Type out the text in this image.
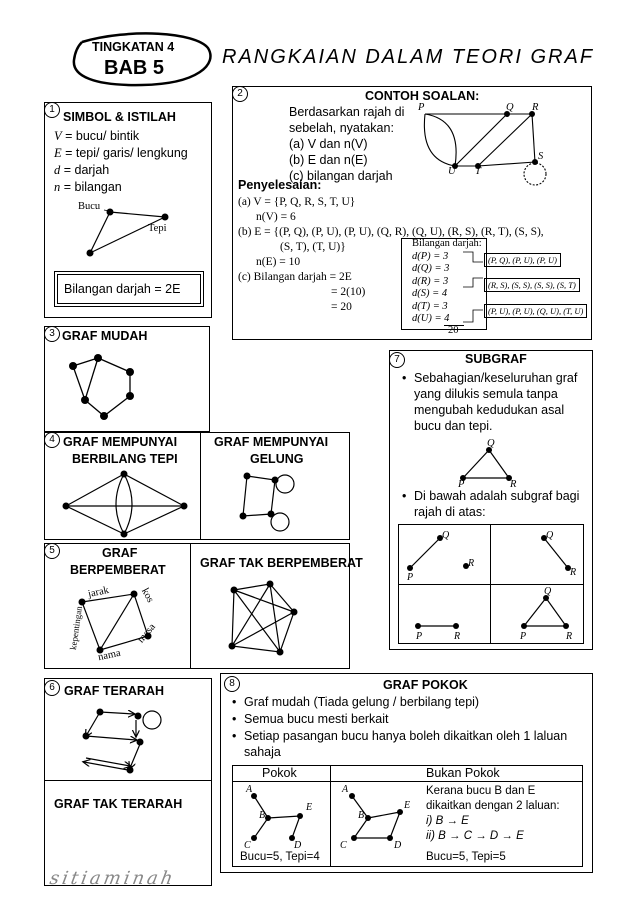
TINGKATAN 4
BAB 5	RANGKAIAN DALAM TEORI GRAF
1
SIMBOL & ISTILAH
V = bucu/ bintik
E = tepi/ garis/ lengkung
d = darjah
n = bilangan
Bucu
Tepi
Bilangan darjah = 2E
2	CONTOH SOALAN:
Berdasarkan rajah di
sebelah, nyatakan:
(a) V dan n(V)
(b) E dan n(E)
(c) bilangan darjah
Penyelesaian:
(a) V = {P, Q, R, S, T, U}
n(V) = 6
(b) E = {(P, Q), (P, U), (P, U), (Q, R), (Q, U), (R, S), (R, T), (S, S),
(S, T), (T, U)}
n(E) = 10
(c) Bilangan darjah = 2E
= 2(10)
= 20
P	Q R
S
T
U
Bilangan darjah:
d(P) = 3
d(Q) = 3
d(R) = 3
d(S) = 4
d(T) = 3
d(U) = 4
20
(P, Q), (P, U), (P, U)
(R, S), (S, S), (S, S), (S, T)
(P, U), (P, U), (Q, U), (T, U)
3 GRAF MUDAH
4 GRAF MEMPUNYAI
BERBILANG TEPI
GRAF MEMPUNYAI
GELUNG
5	GRAF
BERPEMBERAT	GRAF TAK BERPEMBERAT
jarak	kos
masa
nama
kepentingan
6 GRAF TERARAH
GRAF TAK TERARAH
7	SUBGRAF
• Sebahagian/keseluruhan graf
yang dilukis semula tanpa
mengubah kedudukan asal
bucu dan tepi.
Q
P	R
• Di bawah adalah subgraf bagi
rajah di atas:
Q
P
R
Q
R
P	R
Q
P	R
8	GRAF POKOK
• Graf mudah (Tiada gelung / berbilang tepi)
• Semua bucu mesti berkait
• Setiap pasangan bucu hanya boleh dikaitkan oleh 1 laluan
sahaja
Pokok	Bukan Pokok
A
B
E
C	D
Bucu=5, Tepi=4
A
B
E
C	D
Kerana bucu B dan E
dikaitkan dengan 2 laluan:
i) B → E
ii) B → C → D → E
Bucu=5, Tepi=5
sitiaminah
